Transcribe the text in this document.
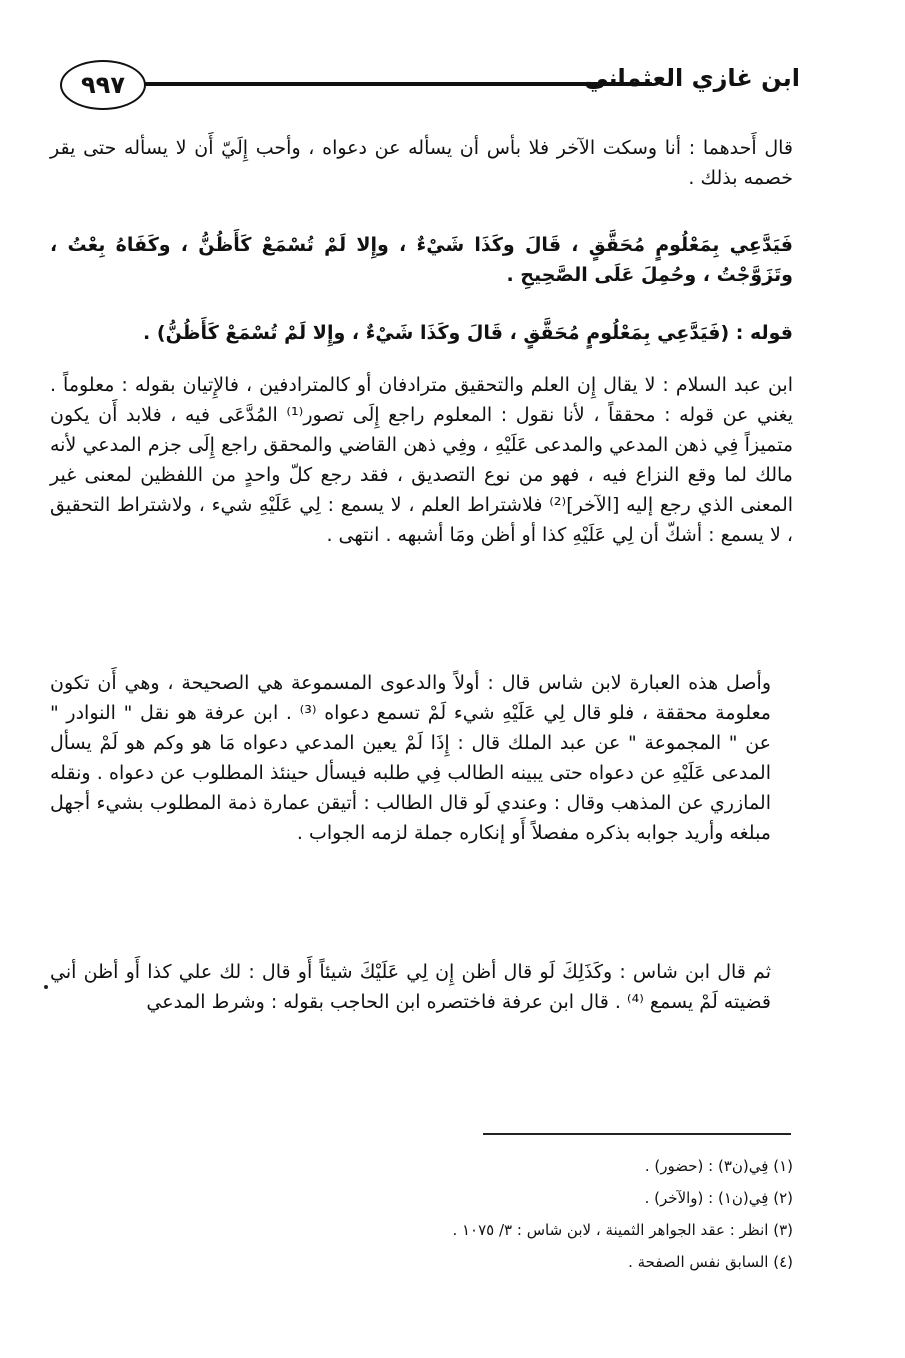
٩٩٧	ابن غازي العثماني
قال أَحدهما : أنا وسكت الآخر فلا بأس أن يسأله عن دعواه ، وأحب إِلَيّ أَن لا يسأله حتى يقر خصمه بذلك .
فَيَدَّعِي بِمَعْلُومٍ مُحَقَّقٍ ، قَالَ وكَذَا شَيْءٌ ، وإِلا لَمْ تُسْمَعْ كَأَظُنُّ ، وكَفَاهُ بِعْتُ ، وتَزَوَّجْتُ ، وحُمِلَ عَلَى الصَّحِيحِ .
قوله : (فَيَدَّعِي بِمَعْلُومٍ مُحَقَّقٍ ، قَالَ وكَذَا شَيْءٌ ، وإِلا لَمْ تُسْمَعْ كَأَظُنُّ) .
ابن عبد السلام : لا يقال إِن العلم والتحقيق مترادفان أو كالمترادفين ، فالإِتيان بقوله : معلوماً . يغني عن قوله : محققاً ، لأنا نقول : المعلوم راجع إِلَى تصور⁽¹⁾ المُدَّعَى فيه ، فلابد أَن يكون متميزاً فِي ذهن المدعي والمدعى عَلَيْهِ ، وفِي ذهن القاضي والمحقق راجع إِلَى جزم المدعي لأنه مالك لما وقع النزاع فيه ، فهو من نوع التصديق ، فقد رجع كلّ واحدٍ من اللفظين لمعنى غير المعنى الذي رجع إليه [الآخر]⁽²⁾ فلاشتراط العلم ، لا يسمع : لِي عَلَيْهِ شيء ، ولاشتراط التحقيق ، لا يسمع : أشكّ أن لِي عَلَيْهِ كذا أو أظن ومَا أشبهه . انتهى .
وأصل هذه العبارة لابن شاس قال : أولاً والدعوى المسموعة هي الصحيحة ، وهي أَن تكون معلومة محققة ، فلو قال لِي عَلَيْهِ شيء لَمْ تسمع دعواه ⁽³⁾ . ابن عرفة هو نقل " النوادر " عن " المجموعة " عن عبد الملك قال : إِذَا لَمْ يعين المدعي دعواه مَا هو وكم هو لَمْ يسأل المدعى عَلَيْهِ عن دعواه حتى يبينه الطالب فِي طلبه فيسأل حينئذ المطلوب عن دعواه . ونقله المازري عن المذهب وقال : وعندي لَو قال الطالب : أتيقن عمارة ذمة المطلوب بشيء أجهل مبلغه وأريد جوابه بذكره مفصلاً أَو إنكاره جملة لزمه الجواب .
ثم قال ابن شاس : وكَذَلِكَ لَو قال أظن إِن لِي عَلَيْكَ شيئاً أَو قال : لك علي كذا أَو أظن أني قضيته لَمْ يسمع ⁽⁴⁾ . قال ابن عرفة فاختصره ابن الحاجب بقوله : وشرط المدعي
(١) فِي(ن٣) : (حضور) .
(٢) فِي(ن١) : (والآخر) .
(٣) انظر : عقد الجواهر الثمينة ، لابن شاس : ٣/ ١٠٧٥ .
(٤) السابق نفس الصفحة .
